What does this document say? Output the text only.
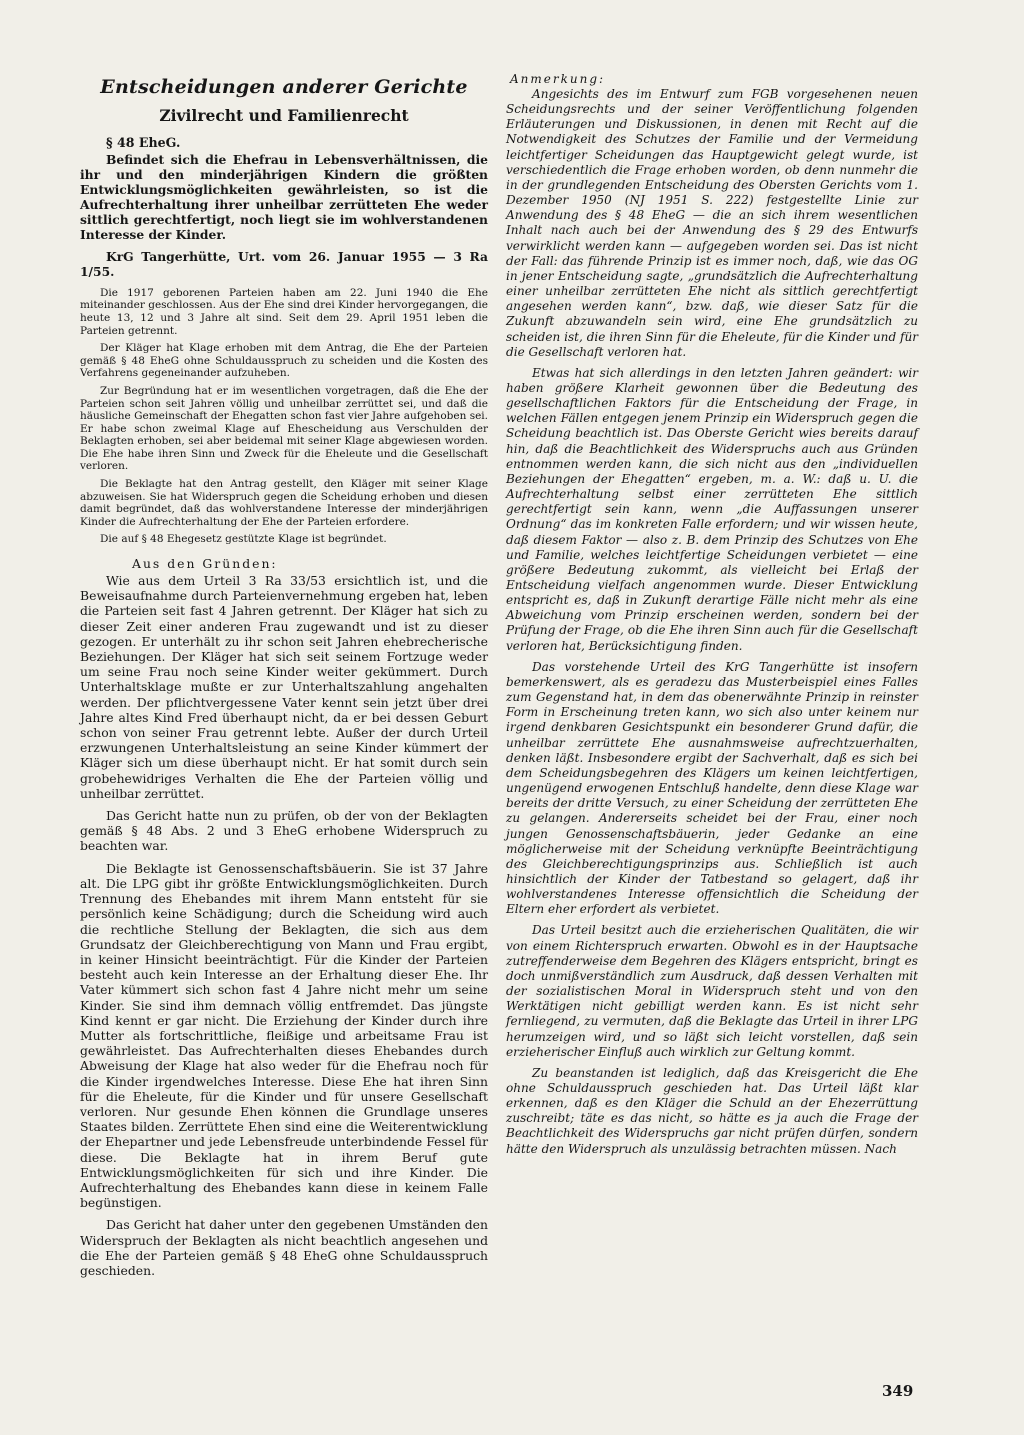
Entscheidungen anderer Gerichte
Zivilrecht und Familienrecht
§ 48 EheG.

Befindet sich die Ehefrau in Lebensverhältnissen, die ihr und den minderjährigen Kindern die größten Entwicklungsmöglichkeiten gewährleisten, so ist die Aufrechterhaltung ihrer unheilbar zerrütteten Ehe weder sittlich gerechtfertigt, noch liegt sie im wohlverstandenen Interesse der Kinder.

KrG Tangerhütte, Urt. vom 26. Januar 1955 — 3 Ra 1/55.

Die 1917 geborenen Parteien haben am 22. Juni 1940 die Ehe miteinander geschlossen. Aus der Ehe sind drei Kinder hervorgegangen, die heute 13, 12 und 3 Jahre alt sind. Seit dem 29. April 1951 leben die Parteien getrennt.

Der Kläger hat Klage erhoben mit dem Antrag, die Ehe der Parteien gemäß § 48 EheG ohne Schuldausspruch zu scheiden und die Kosten des Verfahrens gegeneinander aufzuheben.

Zur Begründung hat er im wesentlichen vorgetragen, daß die Ehe der Parteien schon seit Jahren völlig und unheilbar zerrüttet sei, und daß die häusliche Gemeinschaft der Ehegatten schon fast vier Jahre aufgehoben sei. Er habe schon zweimal Klage auf Ehescheidung aus Verschulden der Beklagten erhoben, sei aber beidemal mit seiner Klage abgewiesen worden. Die Ehe habe ihren Sinn und Zweck für die Eheleute und die Gesellschaft verloren.

Die Beklagte hat den Antrag gestellt, den Kläger mit seiner Klage abzuweisen. Sie hat Widerspruch gegen die Scheidung erhoben und diesen damit begründet, daß das wohlverstandene Interesse der minderjährigen Kinder die Aufrechterhaltung der Ehe der Parteien erfordere.

Die auf § 48 Ehegesetz gestützte Klage ist begründet.

Aus den Gründen:

Wie aus dem Urteil 3 Ra 33/53 ersichtlich ist, und die Beweisaufnahme durch Parteienvernehmung ergeben hat, leben die Parteien seit fast 4 Jahren getrennt. Der Kläger hat sich zu dieser Zeit einer anderen Frau zugewandt und ist zu dieser gezogen. Er unterhält zu ihr schon seit Jahren ehebrecherische Beziehungen. Der Kläger hat sich seit seinem Fortzuge weder um seine Frau noch seine Kinder weiter gekümmert. Durch Unterhaltsklage mußte er zur Unterhaltszahlung angehalten werden. Der pflichtvergessene Vater kennt sein jetzt über drei Jahre altes Kind Fred überhaupt nicht, da er bei dessen Geburt schon von seiner Frau getrennt lebte. Außer der durch Urteil erzwungenen Unterhaltsleistung an seine Kinder kümmert der Kläger sich um diese überhaupt nicht. Er hat somit durch sein grobehewidriges Verhalten die Ehe der Parteien völlig und unheilbar zerrüttet.

Das Gericht hatte nun zu prüfen, ob der von der Beklagten gemäß § 48 Abs. 2 und 3 EheG erhobene Widerspruch zu beachten war.

Die Beklagte ist Genossenschaftsbäuerin. Sie ist 37 Jahre alt. Die LPG gibt ihr größte Entwicklungsmöglichkeiten. Durch Trennung des Ehebandes mit ihrem Mann entsteht für sie persönlich keine Schädigung; durch die Scheidung wird auch die rechtliche Stellung der Beklagten, die sich aus dem Grundsatz der Gleichberechtigung von Mann und Frau ergibt, in keiner Hinsicht beeinträchtigt. Für die Kinder der Parteien besteht auch kein Interesse an der Erhaltung dieser Ehe. Ihr Vater kümmert sich schon fast 4 Jahre nicht mehr um seine Kinder. Sie sind ihm demnach völlig entfremdet. Das jüngste Kind kennt er gar nicht. Die Erziehung der Kinder durch ihre Mutter als fortschrittliche, fleißige und arbeitsame Frau ist gewährleistet. Das Aufrechterhalten dieses Ehebandes durch Abweisung der Klage hat also weder für die Ehefrau noch für die Kinder irgendwelches Interesse. Diese Ehe hat ihren Sinn für die Eheleute, für die Kinder und für unsere Gesellschaft verloren. Nur gesunde Ehen können die Grundlage unseres Staates bilden. Zerrüttete Ehen sind eine die Weiterentwicklung der Ehepartner und jede Lebensfreude unterbindende Fessel für diese. Die Beklagte hat in ihrem Beruf gute Entwicklungsmöglichkeiten für sich und ihre Kinder. Die Aufrechterhaltung des Ehebandes kann diese in keinem Falle begünstigen.

Das Gericht hat daher unter den gegebenen Umständen den Widerspruch der Beklagten als nicht beachtlich angesehen und die Ehe der Parteien gemäß § 48 EheG ohne Schuldausspruch geschieden.

Anmerkung:

Angesichts des im Entwurf zum FGB vorgesehenen neuen Scheidungsrechts und der seiner Veröffentlichung folgenden Erläuterungen und Diskussionen, in denen mit Recht auf die Notwendigkeit des Schutzes der Familie und der Vermeidung leichtfertiger Scheidungen das Hauptgewicht gelegt wurde, ist verschiedentlich die Frage erhoben worden, ob denn nunmehr die in der grundlegenden Entscheidung des Obersten Gerichts vom 1. Dezember 1950 (NJ 1951 S. 222) festgestellte Linie zur Anwendung des § 48 EheG — die an sich ihrem wesentlichen Inhalt nach auch bei der Anwendung des § 29 des Entwurfs verwirklicht werden kann — aufgegeben worden sei. Das ist nicht der Fall: das führende Prinzip ist es immer noch, daß, wie das OG in jener Entscheidung sagte, „grundsätzlich die Aufrechterhaltung einer unheilbar zerrütteten Ehe nicht als sittlich gerechtfertigt angesehen werden kann“, bzw. daß, wie dieser Satz für die Zukunft abzuwandeln sein wird, eine Ehe grundsätzlich zu scheiden ist, die ihren Sinn für die Eheleute, für die Kinder und für die Gesellschaft verloren hat.

Etwas hat sich allerdings in den letzten Jahren geändert: wir haben größere Klarheit gewonnen über die Bedeutung des gesellschaftlichen Faktors für die Entscheidung der Frage, in welchen Fällen entgegen jenem Prinzip ein Widerspruch gegen die Scheidung beachtlich ist. Das Oberste Gericht wies bereits darauf hin, daß die Beachtlichkeit des Widerspruchs auch aus Gründen entnommen werden kann, die sich nicht aus den „individuellen Beziehungen der Ehegatten“ ergeben, m. a. W.: daß u. U. die Aufrechterhaltung selbst einer zerrütteten Ehe sittlich gerechtfertigt sein kann, wenn „die Auffassungen unserer Ordnung“ das im konkreten Falle erfordern; und wir wissen heute, daß diesem Faktor — also z. B. dem Prinzip des Schutzes von Ehe und Familie, welches leichtfertige Scheidungen verbietet — eine größere Bedeutung zukommt, als vielleicht bei Erlaß der Entscheidung vielfach angenommen wurde. Dieser Entwicklung entspricht es, daß in Zukunft derartige Fälle nicht mehr als eine Abweichung vom Prinzip erscheinen werden, sondern bei der Prüfung der Frage, ob die Ehe ihren Sinn auch für die Gesellschaft verloren hat, Berücksichtigung finden.

Das vorstehende Urteil des KrG Tangerhütte ist insofern bemerkenswert, als es geradezu das Musterbeispiel eines Falles zum Gegenstand hat, in dem das obenerwähnte Prinzip in reinster Form in Erscheinung treten kann, wo sich also unter keinem nur irgend denkbaren Gesichtspunkt ein besonderer Grund dafür, die unheilbar zerrüttete Ehe ausnahmsweise aufrechtzuerhalten, denken läßt. Insbesondere ergibt der Sachverhalt, daß es sich bei dem Scheidungsbegehren des Klägers um keinen leichtfertigen, ungenügend erwogenen Entschluß handelte, denn diese Klage war bereits der dritte Versuch, zu einer Scheidung der zerrütteten Ehe zu gelangen. Andererseits scheidet bei der Frau, einer noch jungen Genossenschaftsbäuerin, jeder Gedanke an eine möglicherweise mit der Scheidung verknüpfte Beeinträchtigung des Gleichberechtigungsprinzips aus. Schließlich ist auch hinsichtlich der Kinder der Tatbestand so gelagert, daß ihr wohlverstandenes Interesse offensichtlich die Scheidung der Eltern eher erfordert als verbietet.

Das Urteil besitzt auch die erzieherischen Qualitäten, die wir von einem Richterspruch erwarten. Obwohl es in der Hauptsache zutreffenderweise dem Begehren des Klägers entspricht, bringt es doch unmißverständlich zum Ausdruck, daß dessen Verhalten mit der sozialistischen Moral in Widerspruch steht und von den Werktätigen nicht gebilligt werden kann. Es ist nicht sehr fernliegend, zu vermuten, daß die Beklagte das Urteil in ihrer LPG herumzeigen wird, und so läßt sich leicht vorstellen, daß sein erzieherischer Einfluß auch wirklich zur Geltung kommt.

Zu beanstanden ist lediglich, daß das Kreisgericht die Ehe ohne Schuldausspruch geschieden hat. Das Urteil läßt klar erkennen, daß es den Kläger die Schuld an der Ehezerrüttung zuschreibt; täte es das nicht, so hätte es ja auch die Frage der Beachtlichkeit des Widerspruchs gar nicht prüfen dürfen, sondern hätte den Widerspruch als unzulässig betrachten müssen. Nach

349
